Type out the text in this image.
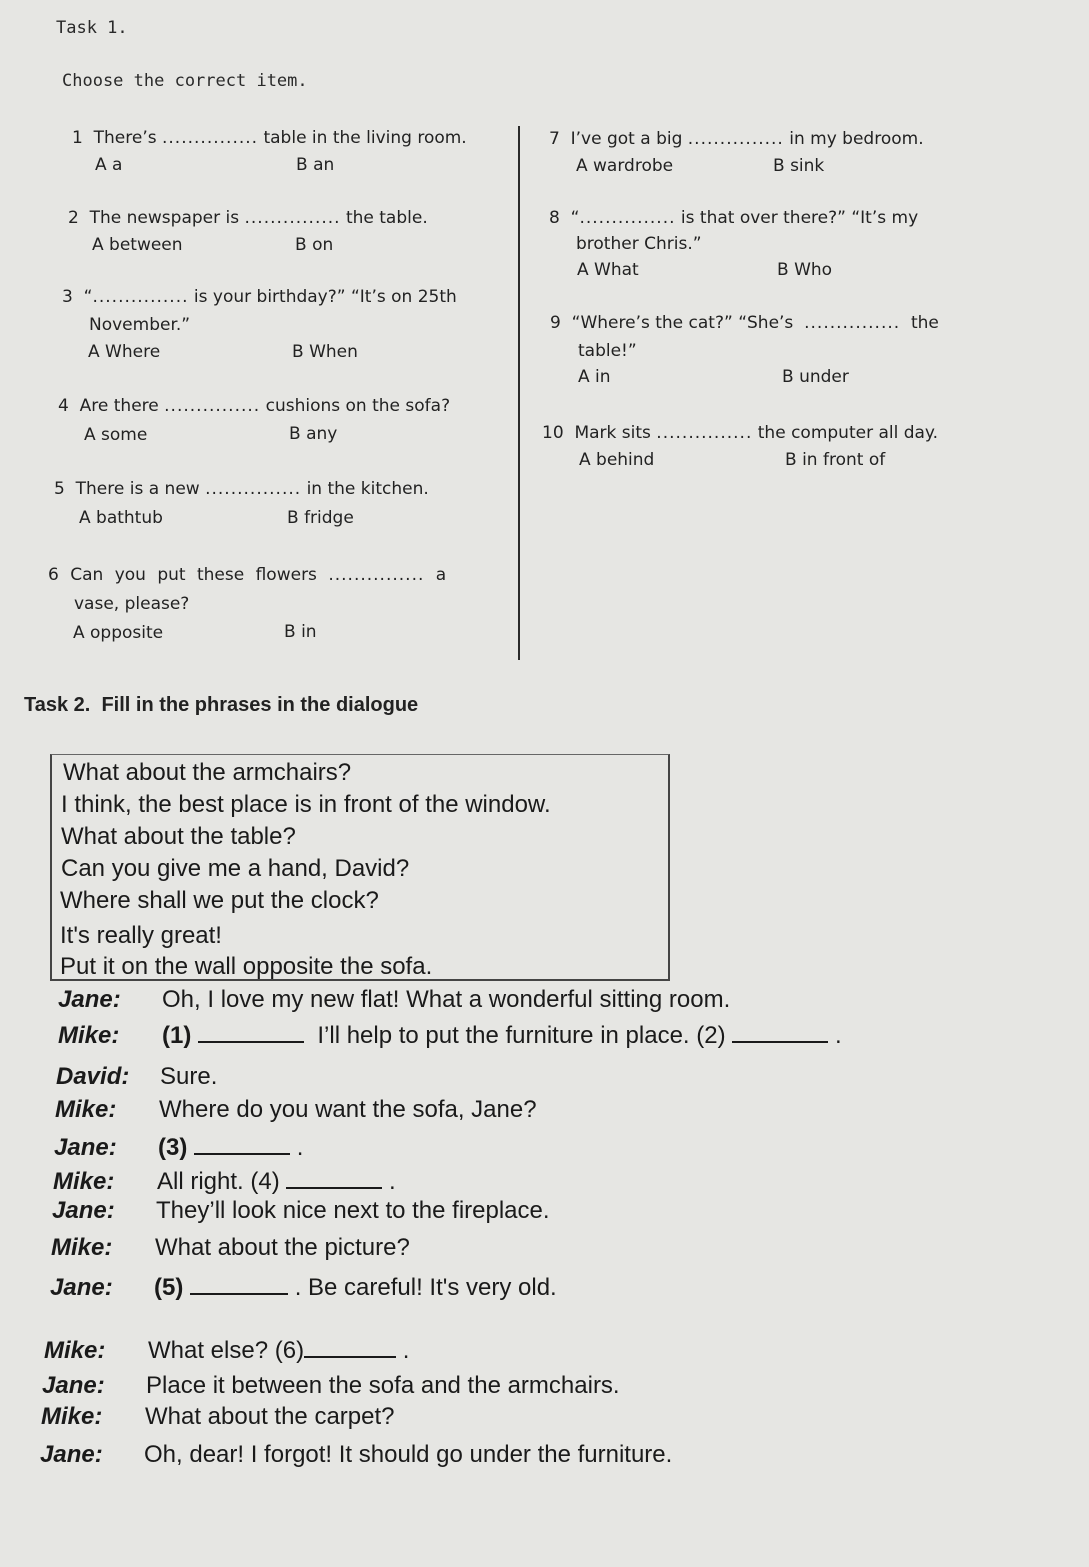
Task 1.
Choose the correct item.
1 There’s ............... table in the living room.
A a	B an
2 The newspaper is ............... the table.
A between	B on
3 “............... is your birthday?” “It’s on 25th
November.”
A Where	B When
4 Are there ............... cushions on the sofa?
A some	B any
5 There is a new ............... in the kitchen.
A bathtub	B fridge
6 Can you put these flowers ............... a
vase, please?
A opposite	B in
7 I’ve got a big ............... in my bedroom.
A wardrobe	B sink
8 “............... is that over there?” “It’s my
brother Chris.”
A What	B Who
9 “Where’s the cat?” “She’s ............... the
table!”
A in	B under
10 Mark sits ............... the computer all day.
A behind	B in front of
Task 2. Fill in the phrases in the dialogue
What about the armchairs?
I think, the best place is in front of the window.
What about the table?
Can you give me a hand, David?
Where shall we put the clock?
It's really great!
Put it on the wall opposite the sofa.
Jane: Oh, I love my new flat! What a wonderful sitting room.
Mike: (1)	I’ll help to put the furniture in place. (2)	.
David: Sure.
Mike: Where do you want the sofa, Jane?
Jane: (3)	.
Mike: All right. (4)	.
Jane: They’ll look nice next to the fireplace.
Mike: What about the picture?
Jane: (5)	. Be careful! It's very old.
Mike: What else? (6)	.
Jane: Place it between the sofa and the armchairs.
Mike: What about the carpet?
Jane: Oh, dear! I forgot! It should go under the furniture.
